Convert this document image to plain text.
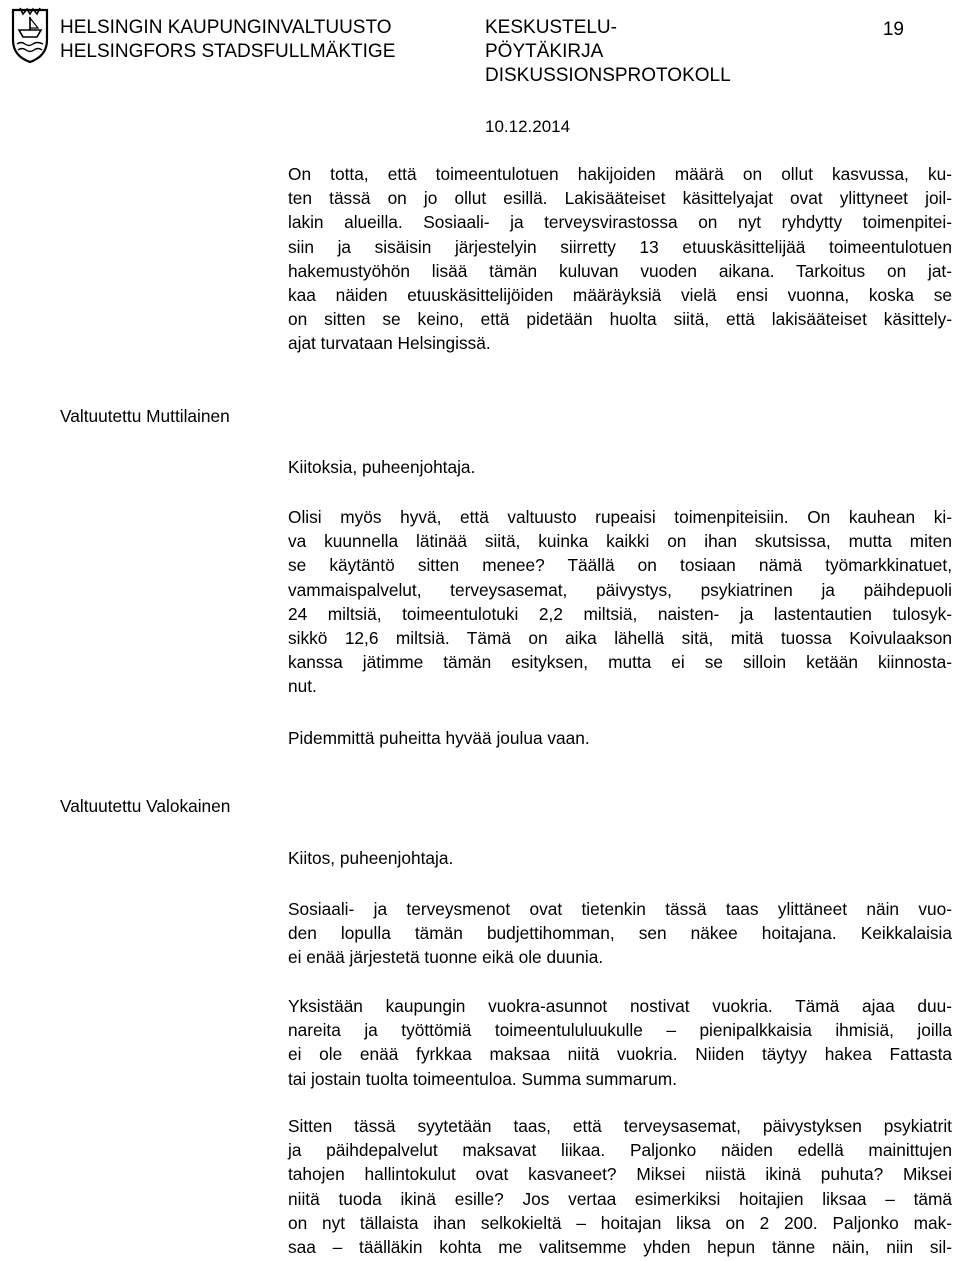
HELSINGIN KAUPUNGINVALTUUSTO
HELSINGFORS STADSFULLMÄKTIGE
KESKUSTELU-
PÖYTÄKIRJA
DISKUSSIONSPROTOKOLL
19
10.12.2014

On totta, että toimeentulotuen hakijoiden määrä on ollut kasvussa, ku-
ten tässä on jo ollut esillä. Lakisääteiset käsittelyajat ovat ylittyneet joil-
lakin alueilla. Sosiaali- ja terveysvirastossa on nyt ryhdytty toimenpitei-
siin ja sisäisin järjestelyin siirretty 13 etuuskäsittelijää toimeentulotuen
hakemustyöhön lisää tämän kuluvan vuoden aikana. Tarkoitus on jat-
kaa näiden etuuskäsittelijöiden määräyksiä vielä ensi vuonna, koska se
on sitten se keino, että pidetään huolta siitä, että lakisääteiset käsittely-
ajat turvataan Helsingissä.

Valtuutettu Muttilainen

Kiitoksia, puheenjohtaja.

Olisi myös hyvä, että valtuusto rupeaisi toimenpiteisiin. On kauhean ki-
va kuunnella lätinää siitä, kuinka kaikki on ihan skutsissa, mutta miten
se käytäntö sitten menee? Täällä on tosiaan nämä työmarkkinatuet,
vammaispalvelut, terveysasemat, päivystys, psykiatrinen ja päihdepuoli
24 miltsiä, toimeentulotuki 2,2 miltsiä, naisten- ja lastentautien tulosyk-
sikkö 12,6 miltsiä. Tämä on aika lähellä sitä, mitä tuossa Koivulaakson
kanssa jätimme tämän esityksen, mutta ei se silloin ketään kiinnosta-
nut.

Pidemmittä puheitta hyvää joulua vaan.

Valtuutettu Valokainen

Kiitos, puheenjohtaja.

Sosiaali- ja terveysmenot ovat tietenkin tässä taas ylittäneet näin vuo-
den lopulla tämän budjettihomman, sen näkee hoitajana. Keikkalaisia
ei enää järjestetä tuonne eikä ole duunia.

Yksistään kaupungin vuokra-asunnot nostivat vuokria. Tämä ajaa duu-
nareita ja työttömiä toimeentululuukulle – pienipalkkaisia ihmisiä, joilla
ei ole enää fyrkkaa maksaa niitä vuokria. Niiden täytyy hakea Fattasta
tai jostain tuolta toimeentuloa. Summa summarum.

Sitten tässä syytetään taas, että terveysasemat, päivystyksen psykiatrit
ja päihdepalvelut maksavat liikaa. Paljonko näiden edellä mainittujen
tahojen hallintokulut ovat kasvaneet? Miksei niistä ikinä puhuta? Miksei
niitä tuoda ikinä esille? Jos vertaa esimerkiksi hoitajien liksaa – tämä
on nyt tällaista ihan selkokieltä – hoitajan liksa on 2 200. Paljonko mak-
saa – täälläkin kohta me valitsemme yhden hepun tänne näin, niin sil-
